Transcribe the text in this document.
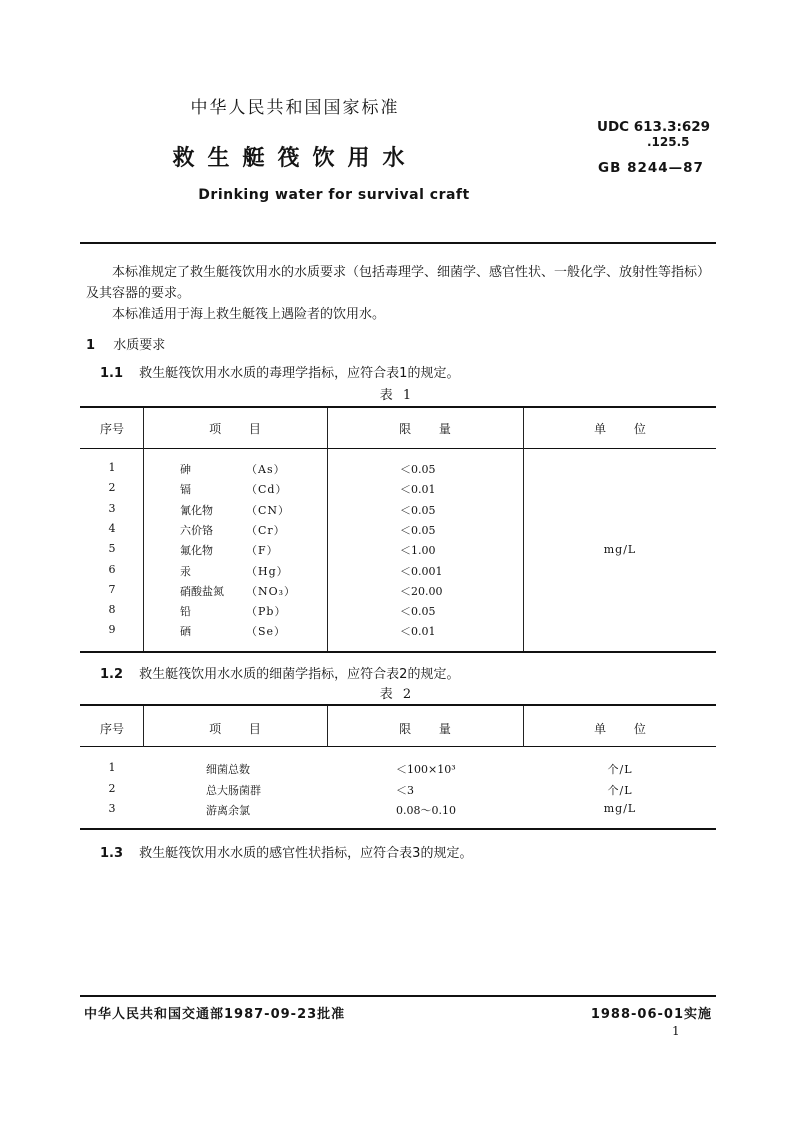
中华人民共和国国家标准
救生艇筏饮用水
Drinking water for survival craft
UDC 613.3:629
.125.5
GB 8244—87
本标准规定了救生艇筏饮用水的水质要求（包括毒理学、细菌学、感官性状、一般化学、放射性等指标）及其容器的要求。
本标准适用于海上救生艇筏上遇险者的饮用水。
1 水质要求
1.1 救生艇筏饮用水水质的毒理学指标，应符合表1的规定。
表 1
序号	项 目	限 量	单 位
1	砷	（As）	＜0.05
2	镉	（Cd）	＜0.01
3	氰化物	（CN）	＜0.05
4	六价铬	（Cr）	＜0.05
5	氟化物	（F）	＜1.00
6	汞	（Hg）	＜0.001
7	硝酸盐氮	（NO₃）	＜20.00
8	铅	（Pb）	＜0.05
9	硒	（Se）	＜0.01
mg/L
1.2 救生艇筏饮用水水质的细菌学指标，应符合表2的规定。
表 2
序号	项 目	限 量	单 位
1	细菌总数	＜100×10³	个/L
2	总大肠菌群	＜3	个/L
3	游离余氯	0.08～0.10	mg/L
1.3 救生艇筏饮用水水质的感官性状指标，应符合表3的规定。
中华人民共和国交通部1987-09-23批准	1988-06-01实施
1
